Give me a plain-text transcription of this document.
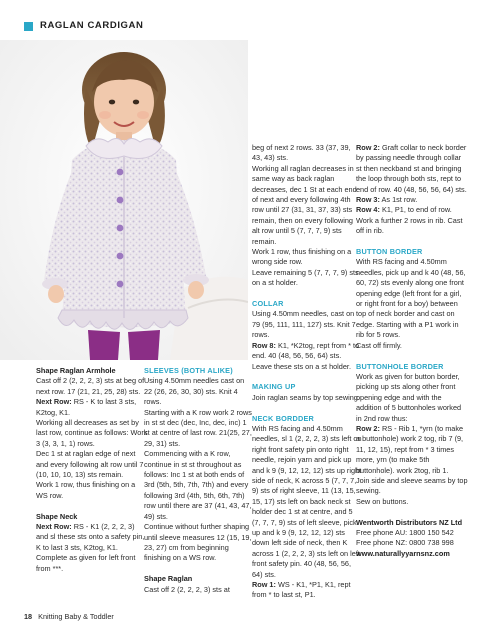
RAGLAN CARDIGAN

Shape Raglan Armhole

Cast off 2 (2, 2, 2, 3) sts at beg of next row. 17 (21, 21, 25, 28) sts.

Next Row: RS - K to last 3 sts, K2tog, K1.

Working all decreases as set by last row, continue as follows: Work 3 (3, 3, 1, 1) rows.

Dec 1 st at raglan edge of next and every following alt row until 7 (10, 10, 10, 13) sts remain.

Work 1 row, thus finishing on a WS row.

Shape Neck

Next Row: RS - K1 (2, 2, 2, 3) and sl these sts onto a safety pin, K to last 3 sts, K2tog, K1. Complete as given for left front from ***.

SLEEVES (BOTH ALIKE)

Using 4.50mm needles cast on 22 (26, 26, 30, 30) sts. Knit 4 rows.

Starting with a K row work 2 rows in st st dec (dec, Inc, dec, inc) 1 st at centre of last row. 21(25, 27, 29, 31) sts.

Commencing with a K row, continue in st st throughout as follows: Inc 1 st at both ends of 3rd (5th, 5th, 7th, 7th) and every following 3rd (4th, 5th, 6th, 7th) row until there are 37 (41, 43, 47, 49) sts.

Continue without further shaping until sleeve measures 12 (15, 19, 23, 27) cm from beginning finishing on a WS row.

Shape Raglan

Cast off 2 (2, 2, 2, 3) sts at

beg of next 2 rows. 33 (37, 39, 43, 43) sts.

Working all raglan decreases in same way as back raglan decreases, dec 1 St at each end of next and every following 4th row until 27 (31, 31, 37, 33) sts remain, then on every following alt row until 5 (7, 7, 7, 9) sts remain.

Work 1 row, thus finishing on a wrong side row.

Leave remaining 5 (7, 7, 7, 9) sts on a st holder.

COLLAR

Using 4.50mm needles, cast on 79 (95, 111, 111, 127) sts. Knit 7 rows.

Row 8: K1, *K2tog, rept from * to end. 40 (48, 56, 56, 64) sts. Leave these sts on a st holder.

MAKING UP

Join raglan seams by top sewing.

NECK BORDDER

With RS facing and 4.50mm needles, sl 1 (2, 2, 2, 3) sts left on right front safety pin onto right needle, rejoin yarn and pick up and k 9 (9, 12, 12, 12) sts up right side of neck, K across 5 (7, 7, 7, 9) sts of right sleeve, 11 (13, 15, 15, 17) sts left on back neck st holder dec 1 st at centre, and 5 (7, 7, 7, 9) sts of left sleeve, pick up and k 9 (9, 12, 12, 12) sts down left side of neck, then K across 1 (2, 2, 2, 3) sts left on left front safety pin. 40 (48, 56, 56, 64) sts.

Row 1: WS - K1, *P1, K1, rept from * to last st, P1.

Row 2: Graft collar to neck border by passing needle through collar st then neckband st and bringing the loop through both sts, rept to end of row. 40 (48, 56, 56, 64) sts.

Row 3: As 1st row.

Row 4: K1, P1, to end of row. Work a further 2 rows in rib. Cast off in rib.

BUTTON BORDER

With RS facing and 4.50mm needles, pick up and k 40 (48, 56, 60, 72) sts evenly along one front opening edge (left front for a girl, or right front for a boy) between top of neck border and cast on edge. Starting with a P1 work in rib for 5 rows.

Cast off firmly.

BUTTONHOLE BORDER

Work as given for button border, picking up sts along other front opening edge and with the addition of 5 buttonholes worked in 2nd row thus:

Row 2: RS - Rib 1, *yrn (to make a buttonhole) work 2 tog, rib 7 (9, 11, 12, 15), rept from * 3 times more, yrn (to make 5th buttonhole). work 2tog, rib 1.

Join side and sleeve seams by top sewing.

Sew on buttons.

Wentworth Distributors NZ Ltd

Free phone AU: 1800 150 542

Free phone NZ: 0800 738 998

www.naturallyyarnsnz.com

18 Knitting Baby & Toddler
